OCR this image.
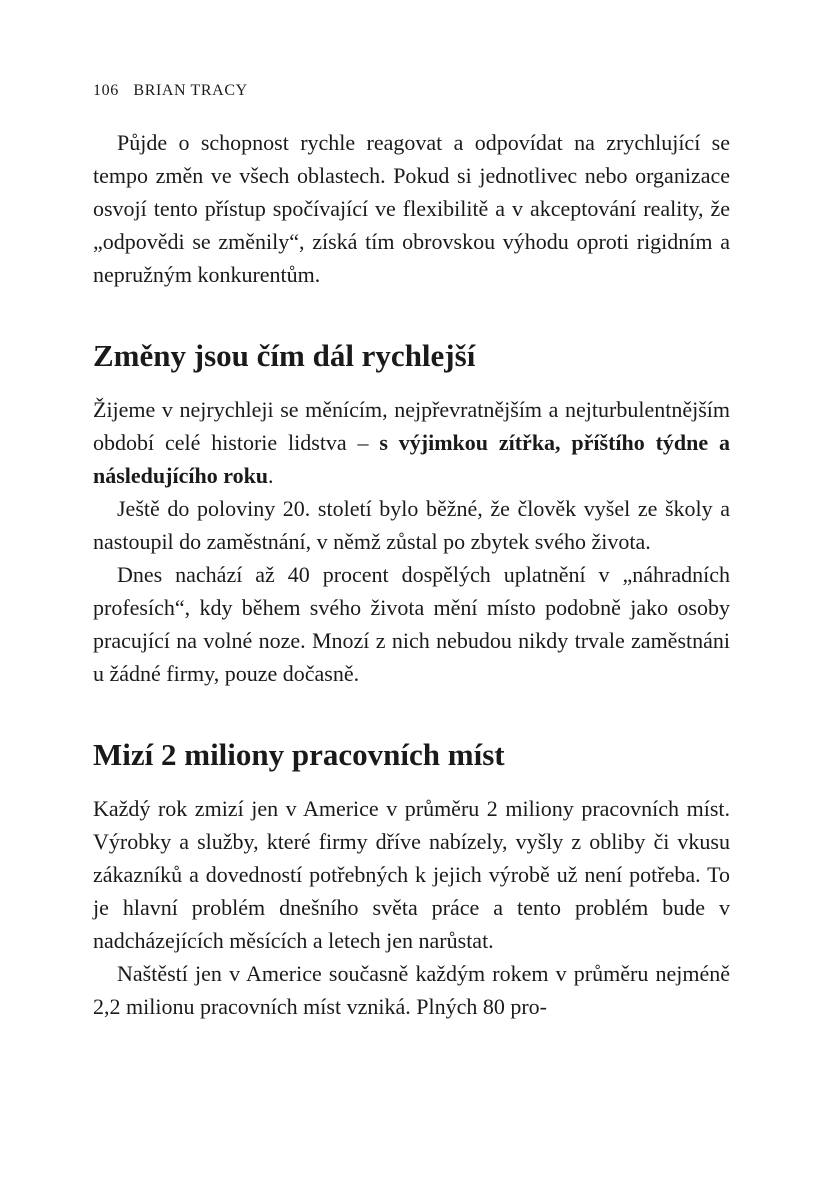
106 BRIAN TRACY

Půjde o schopnost rychle reagovat a odpovídat na zrychlující se tempo změn ve všech oblastech. Pokud si jednotlivec nebo organizace osvojí tento přístup spočívající ve flexibilitě a v akceptování reality, že „odpovědi se změnily“, získá tím obrovskou výhodu oproti rigidním a nepružným konkurentům.

Změny jsou čím dál rychlejší

Žijeme v nejrychleji se měnícím, nejpřevratnějším a nejturbulentnějším období celé historie lidstva – s výjimkou zítřka, příštího týdne a následujícího roku.

Ještě do poloviny 20. století bylo běžné, že člověk vyšel ze školy a nastoupil do zaměstnání, v němž zůstal po zbytek svého života.

Dnes nachází až 40 procent dospělých uplatnění v „náhradních profesích“, kdy během svého života mění místo podobně jako osoby pracující na volné noze. Mnozí z nich nebudou nikdy trvale zaměstnáni u žádné firmy, pouze dočasně.

Mizí 2 miliony pracovních míst

Každý rok zmizí jen v Americe v průměru 2 miliony pracovních míst. Výrobky a služby, které firmy dříve nabízely, vyšly z obliby či vkusu zákazníků a dovedností potřebných k jejich výrobě už není potřeba. To je hlavní problém dnešního světa práce a tento problém bude v nadcházejících měsících a letech jen narůstat.

Naštěstí jen v Americe současně každým rokem v průměru nejméně 2,2 milionu pracovních míst vzniká. Plných 80 pro-
